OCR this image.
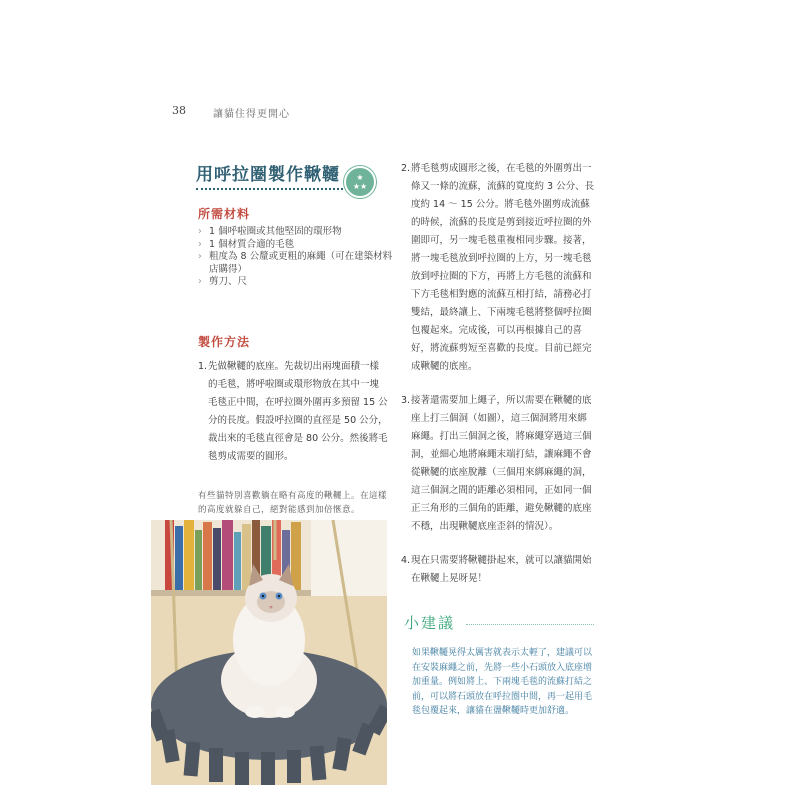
38	讓貓住得更開心
用呼拉圈製作鞦韆	★
★★
所需材料
› 1 個呼啦圈或其他堅固的環形物
› 1 個材質合適的毛毯
› 粗度為 8 公釐或更粗的麻繩（可在建築材料店購得）
› 剪刀、尺
製作方法
1. 先做鞦韆的底座。先裁切出兩塊面積一樣的毛毯，將呼啦圈或環形物放在其中一塊毛毯正中間，在呼拉圈外圍再多預留 15 公分的長度。假設呼拉圈的直徑是 50 公分，裁出來的毛毯直徑會是 80 公分。然後將毛毯剪成需要的圓形。
有些貓特別喜歡躺在略有高度的鞦韆上。在這樣的高度就躲自己，絕對能感到加倍愜意。
2. 將毛毯剪成圓形之後，在毛毯的外圍剪出一條又一條的流蘇，流蘇的寬度約 3 公分、長度約 14 ～ 15 公分。將毛毯外圍剪成流蘇的時候，流蘇的長度是剪到接近呼拉圈的外圍即可，另一塊毛毯重複相同步驟。接著，將一塊毛毯放到呼拉圈的上方，另一塊毛毯放到呼拉圈的下方，再將上方毛毯的流蘇和下方毛毯相對應的流蘇互相打結，請務必打雙結，最終讓上、下兩塊毛毯將整個呼拉圈包覆起來。完成後，可以再根據自己的喜好，將流蘇剪短至喜歡的長度。目前已經完成鞦韆的底座。
3. 接著還需要加上繩子，所以需要在鞦韆的底座上打三個洞（如圖），這三個洞將用來綁麻繩。打出三個洞之後，將麻繩穿過這三個洞，並細心地將麻繩末端打結，讓麻繩不會從鞦韆的底座脫離（三個用來綁麻繩的洞，這三個洞之間的距離必須相同，正如同一個正三角形的三個角的距離，避免鞦韆的底座不穩，出現鞦韆底座歪斜的情況）。
4. 現在只需要將鞦韆掛起來，就可以讓貓開始在鞦韆上晃呀晃！
小建議
如果鞦韆晃得太厲害就表示太輕了，建議可以在安裝麻繩之前，先將一些小石頭放入底座增加重量。例如將上、下兩塊毛毯的流蘇打結之前，可以將石頭放在呼拉圈中間，再一起用毛毯包覆起來，讓貓在盪鞦韆時更加舒適。
